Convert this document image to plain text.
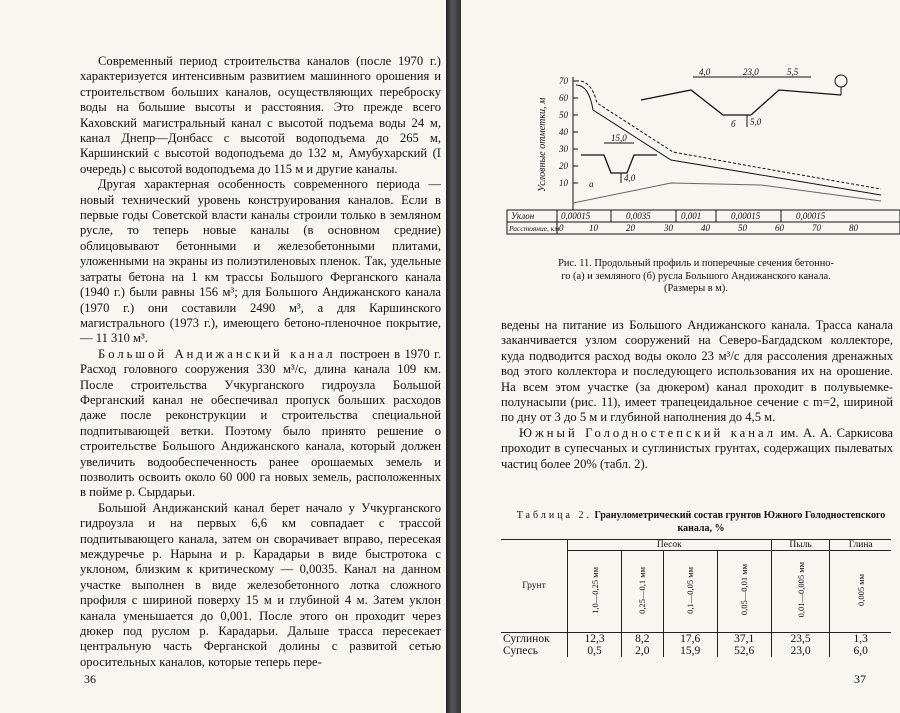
Современный период строительства каналов (после 1970 г.) характеризуется интенсивным развитием машинного орошения и строительством больших каналов, осуществляющих переброску воды на большие высоты и расстояния. Это прежде всего Каховский магистральный канал с высотой подъема воды 24 м, канал Днепр—Донбасс с высотой водоподъема до 265 м, Каршинский с высотой водоподъема до 132 м, Амубухарский (I очередь) с высотой водоподъема до 115 м и другие каналы.

Другая характерная особенность современного периода — новый технический уровень конструирования каналов. Если в первые годы Советской власти каналы строили только в земляном русле, то теперь новые каналы (в основном средние) облицовывают бетонными и железобетонными плитами, уложенными на экраны из полиэтиленовых пленок. Так, удельные затраты бетона на 1 км трассы Большого Ферганского канала (1940 г.) были равны 156 м³; для Большого Андижанского канала (1970 г.) они составили 2490 м³, а для Каршинского магистрального (1973 г.), имеющего бетоно-пленочное покрытие, — 11 310 м³.

Большой Андижанский канал построен в 1970 г. Расход головного сооружения 330 м³/с, длина канала 109 км. После строительства Учкурганского гидроузла Большой Ферганский канал не обеспечивал пропуск больших расходов даже после реконструкции и строительства специальной подпитывающей ветки. Поэтому было принято решение о строительстве Большого Андижанского канала, который должен увеличить водообеспеченность ранее орошаемых земель и позволить освоить около 60 000 га новых земель, расположенных в пойме р. Сырдарьи.

Большой Андижанский канал берет начало у Учкурганского гидроузла и на первых 6,6 км совпадает с трассой подпитывающего канала, затем он сворачивает вправо, пересекая междуречье р. Нарына и р. Карадарьи в виде быстротока с уклоном, близким к критическому — 0,0035. Канал на данном участке выполнен в виде железобетонного лотка сложного профиля с шириной поверху 15 м и глубиной 4 м. Затем уклон канала уменьшается до 0,001. После этого он проходит через дюкер под руслом р. Карадарьи. Дальше трасса пересекает центральную часть Ферганской долины с развитой сетью оросительных каналов, которые теперь пере-

36
Условные отметки, м
70
60
50
40
30
20
10 а
б
15,0
4,0
4,0	23,0	5,5
5,0
Уклон	0,00015	0,0035	0,001	0,00015	0,00015
Расстояние, км 0	10	20	30	40	50	60	70	80
Рис. 11. Продольный профиль и поперечные сечения бетонно-
го (а) и земляного (б) русла Большого Андижанского канала.
(Размеры в м).

ведены на питание из Большого Андижанского канала. Трасса канала заканчивается узлом сооружений на Северо-Багдадском коллекторе, куда подводится расход воды около 23 м³/с для рассоления дренажных вод этого коллектора и последующего использования их на орошение. На всем этом участке (за дюкером) канал проходит в полувыемке-полунасыпи (рис. 11), имеет трапецеидальное сечение с m=2, шириной по дну от 3 до 5 м и глубиной наполнения до 4,5 м.

Южный Голодностепский канал им. А. А. Саркисова проходит в супесчаных и суглинистых грунтах, содержащих пылеватых частиц более 20% (табл. 2).

Таблица 2. Гранулометрический состав грунтов Южного Голодностепского канала, %
Грунт	Песок				Пыль	Глина
	1,0—0,25 мм	0,25—0,1 мм	0,1—0,05 мм	0,05—0,01 мм	0,01—0,005 мм	0,005 мм
Суглинок	12,3	8,2	17,6	37,1	23,5	1,3
Супесь	0,5	2,0	15,9	52,6	23,0	6,0
37
